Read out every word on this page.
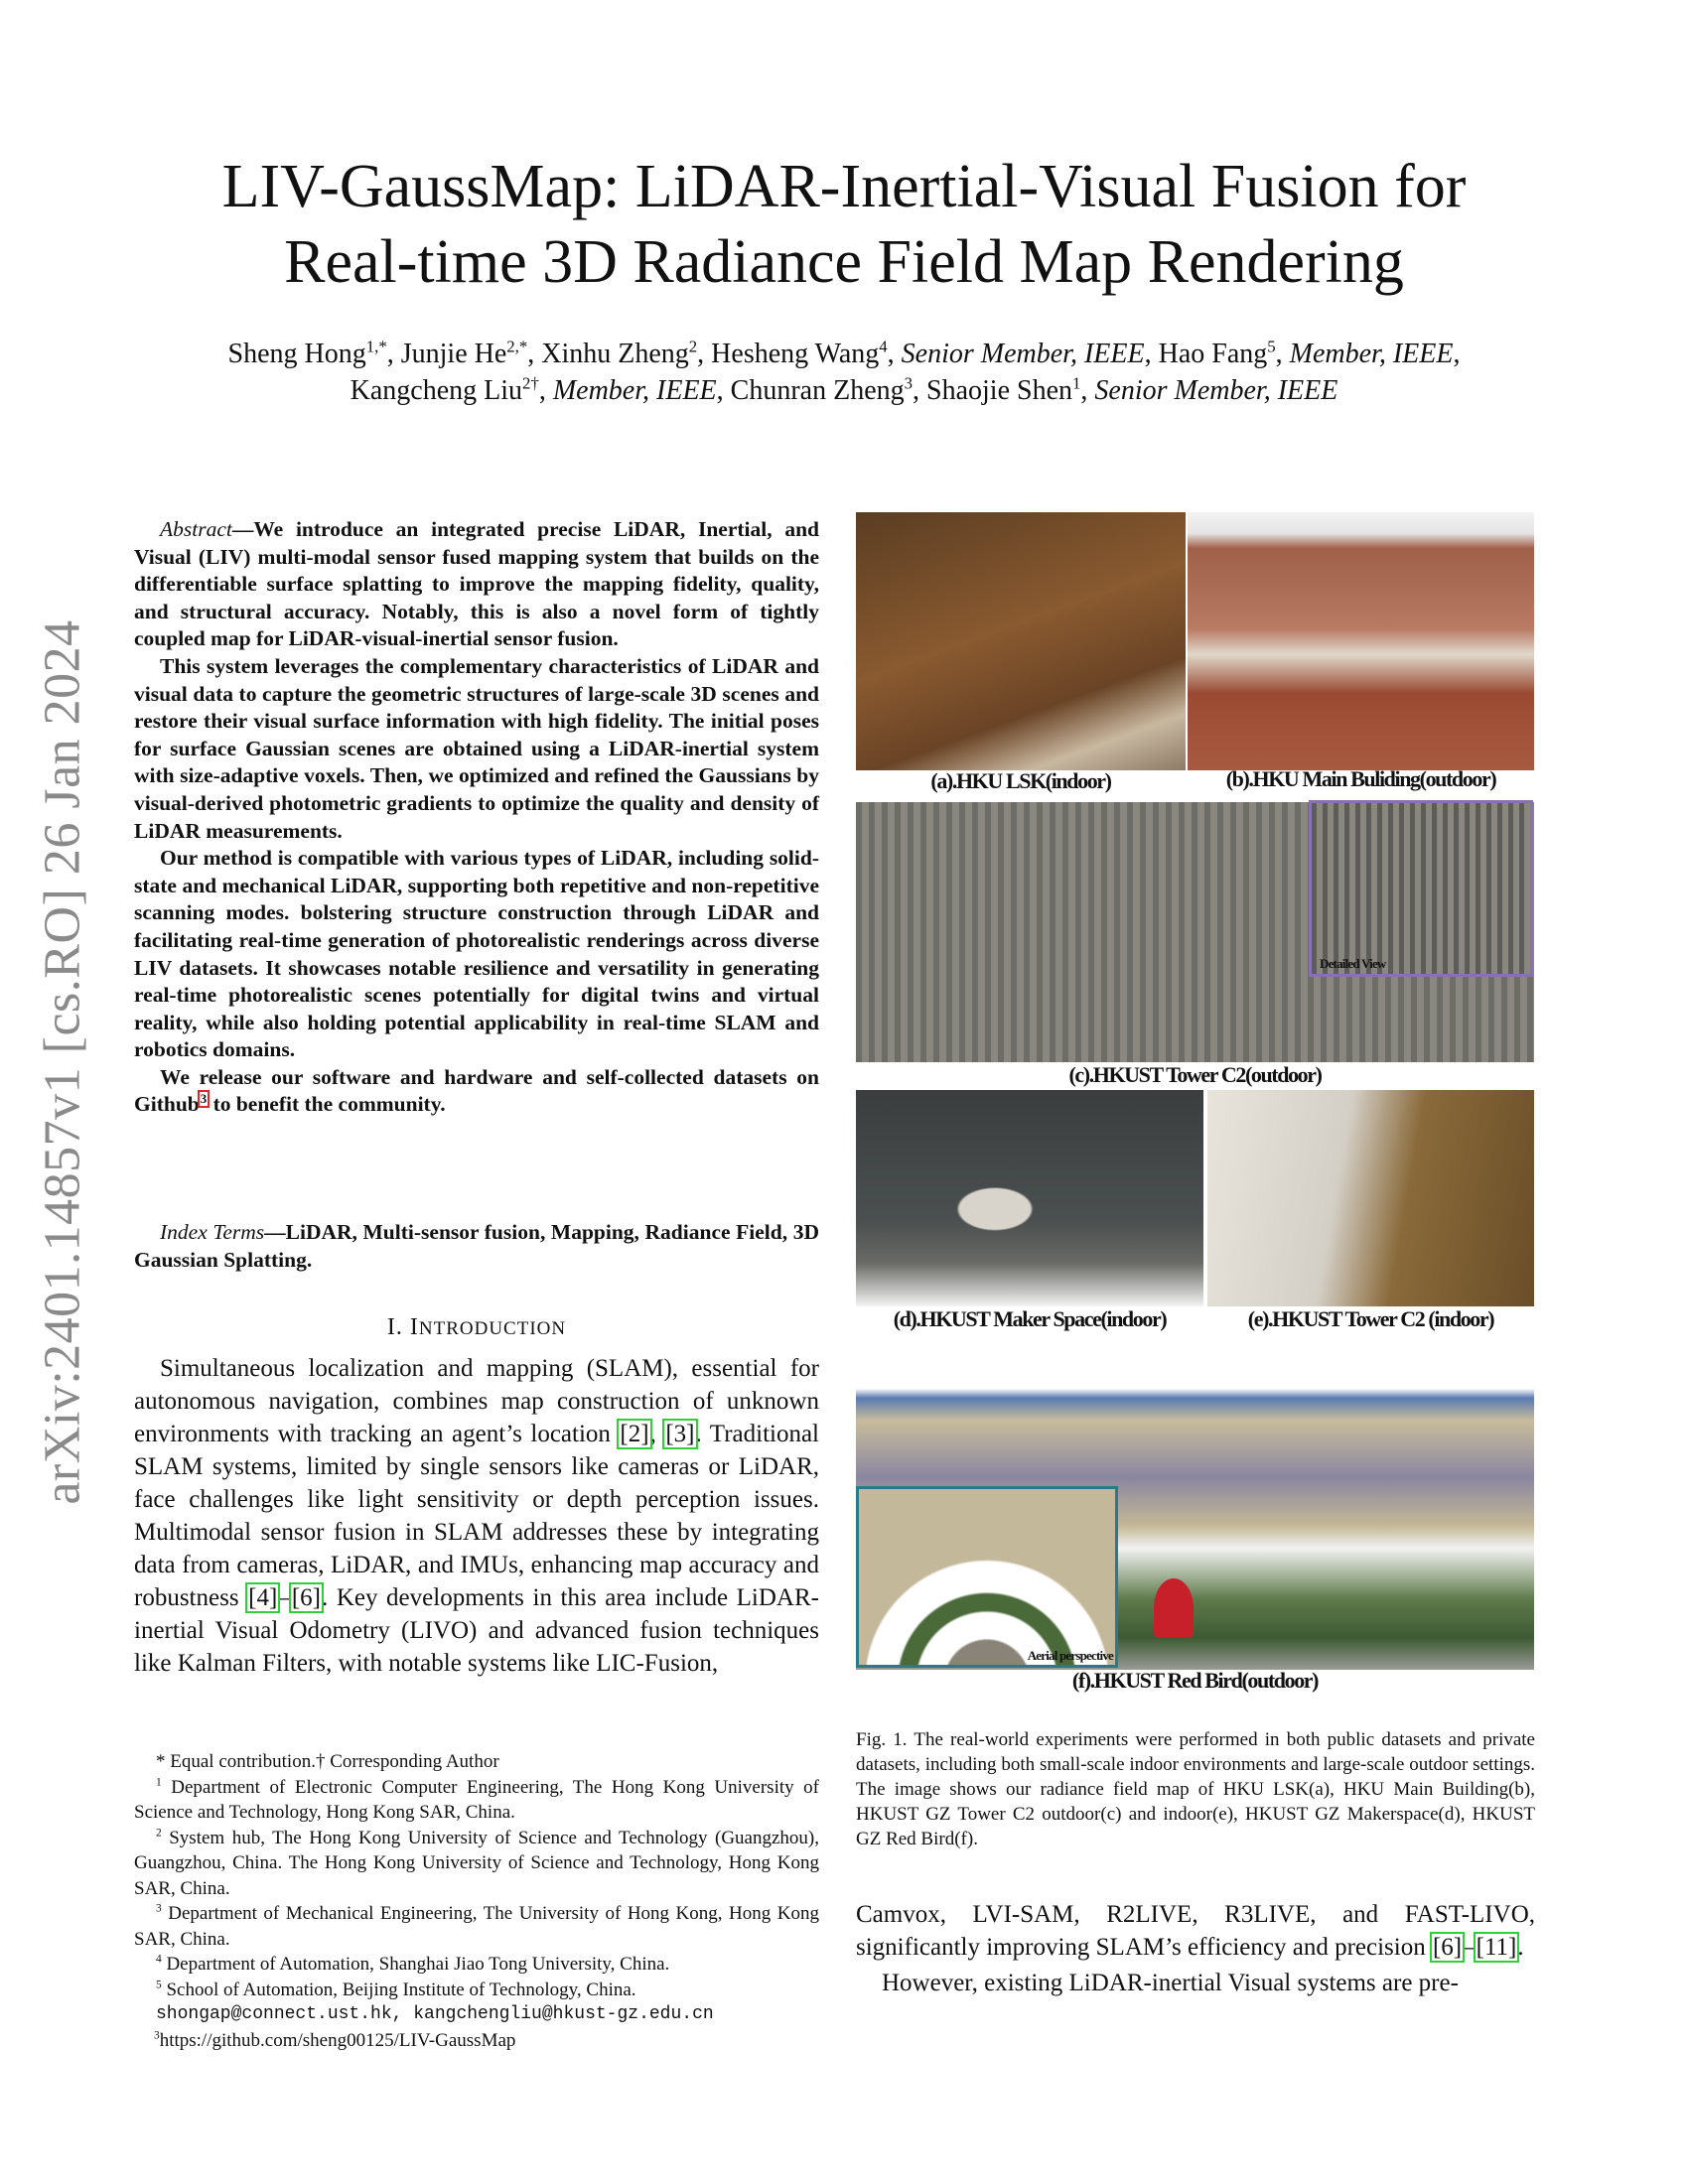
LIV-GaussMap: LiDAR-Inertial-Visual Fusion for
Real-time 3D Radiance Field Map Rendering
Sheng Hong$^{1,*}$, Junjie $He^{2,*}$, Xinhu Zheng$^2$, Hesheng Wang$^4$, Senior Member, IEEE, Hao Fang$^5$, Member, IEEE,
Kangcheng Liu$^{2\dagger}$, Member, IEEE, Chunran Zheng$^3$, Shaojie Shen$^1$, Senior Member, IEEE
arXiv:2401.14857v1 [cs.RO] 26 Jan 2024

Abstract—We introduce an integrated precise LiDAR, Inertial, and Visual (LIV) multi-modal sensor fused mapping system that builds on the differentiable surface splatting to improve the mapping fidelity, quality, and structural accuracy. Notably, this is also a novel form of tightly coupled map for LiDAR-visual-inertial sensor fusion.

This system leverages the complementary characteristics of LiDAR and visual data to capture the geometric structures of large-scale 3D scenes and restore their visual surface information with high fidelity. The initial poses for surface Gaussian scenes are obtained using a LiDAR-inertial system with size-adaptive voxels. Then, we optimized and refined the Gaussians by visual-derived photometric gradients to optimize the quality and density of LiDAR measurements.

Our method is compatible with various types of LiDAR, including solid-state and mechanical LiDAR, supporting both repetitive and non-repetitive scanning modes. bolstering structure construction through LiDAR and facilitating real-time generation of photorealistic renderings across diverse LIV datasets. It showcases notable resilience and versatility in generating real-time photorealistic scenes potentially for digital twins and virtual reality, while also holding potential applicability in real-time SLAM and robotics domains.

We release our software and hardware and self-collected datasets on Github$^3$ to benefit the community.

Index Terms—LiDAR, Multi-sensor fusion, Mapping, Radiance Field, 3D Gaussian Splatting.
I. INTRODUCTION

Simultaneous localization and mapping (SLAM), essential for autonomous navigation, combines map construction of unknown environments with tracking an agent’s location [2], [3]. Traditional SLAM systems, limited by single sensors like cameras or LiDAR, face challenges like light sensitivity or depth perception issues. Multimodal sensor fusion in SLAM addresses these by integrating data from cameras, LiDAR, and IMUs, enhancing map accuracy and robustness [4]–[6]. Key developments in this area include LiDAR-inertial Visual Odometry (LIVO) and advanced fusion techniques like Kalman Filters, with notable systems like LIC-Fusion,

* Equal contribution.† Corresponding Author

$^1$ Department of Electronic Computer Engineering, The Hong Kong University of Science and Technology, Hong Kong SAR, China.

$^2$ System hub, The Hong Kong University of Science and Technology (Guangzhou), Guangzhou, China. The Hong Kong University of Science and Technology, Hong Kong SAR, China.

$^3$ Department of Mechanical Engineering, The University of Hong Kong, Hong Kong SAR, China.

$^4$ Department of Automation, Shanghai Jiao Tong University, China.

$^5$ School of Automation, Beijing Institute of Technology, China.

shongap@connect.ust.hk, kangchengliu@hkust-gz.edu.cn

$^3$https://github.com/sheng00125/LIV-GaussMap

(a).HKU LSK(indoor)	(b).HKU Main Buliding(outdoor)
Detailed View
(c).HKUST Tower C2(outdoor)
(d).HKUST Maker Space(indoor)	(e).HKUST Tower C2 (indoor)
Aerial perspective
(f).HKUST Red Bird(outdoor)
Fig. 1. The real-world experiments were performed in both public datasets and private datasets, including both small-scale indoor environments and large-scale outdoor settings. The image shows our radiance field map of HKU LSK(a), HKU Main Building(b), HKUST GZ Tower C2 outdoor(c) and indoor(e), HKUST GZ Makerspace(d), HKUST GZ Red Bird(f).

Camvox, LVI-SAM, R2LIVE, R3LIVE, and FAST-LIVO, significantly improving SLAM’s efficiency and precision [6]–[11].

However, existing LiDAR-inertial Visual systems are pre-
